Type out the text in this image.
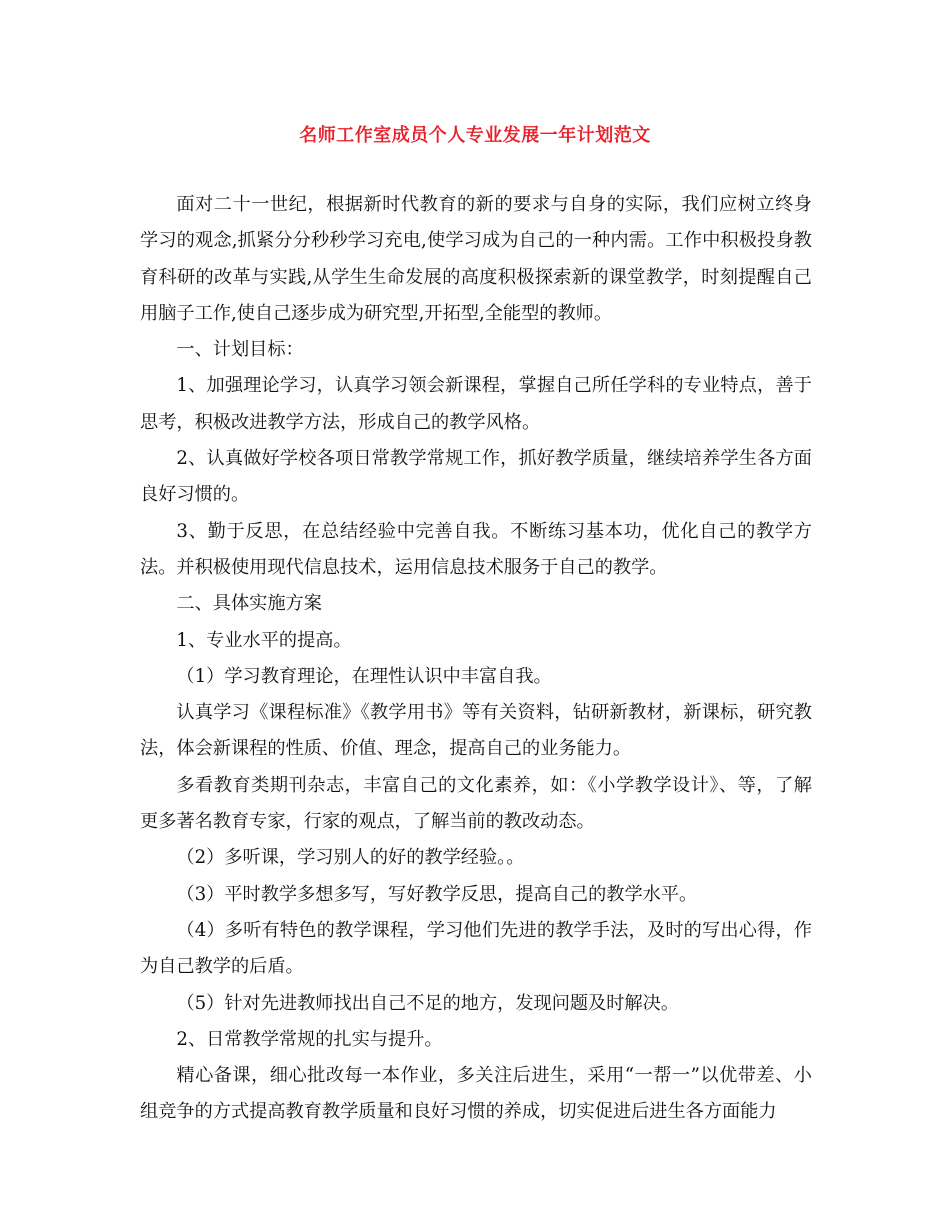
名师工作室成员个人专业发展一年计划范文

面对二十一世纪，根据新时代教育的新的要求与自身的实际，我们应树立终身学习的观念,抓紧分分秒秒学习充电,使学习成为自己的一种内需。工作中积极投身教育科研的改革与实践,从学生生命发展的高度积极探索新的课堂教学，时刻提醒自己用脑子工作,使自己逐步成为研究型,开拓型,全能型的教师。

一、计划目标：

1、加强理论学习，认真学习领会新课程，掌握自己所任学科的专业特点，善于思考，积极改进教学方法，形成自己的教学风格。

2、认真做好学校各项日常教学常规工作，抓好教学质量，继续培养学生各方面良好习惯的。

3、勤于反思，在总结经验中完善自我。不断练习基本功，优化自己的教学方法。并积极使用现代信息技术，运用信息技术服务于自己的教学。

二、具体实施方案

1、专业水平的提高。

（1）学习教育理论，在理性认识中丰富自我。

认真学习《课程标准》《教学用书》等有关资料，钻研新教材，新课标，研究教法，体会新课程的性质、价值、理念，提高自己的业务能力。

多看教育类期刊杂志，丰富自己的文化素养，如：《小学教学设计》、等，了解更多著名教育专家，行家的观点，了解当前的教改动态。

（2）多听课，学习别人的好的教学经验。。

（3）平时教学多想多写，写好教学反思，提高自己的教学水平。

（4）多听有特色的教学课程，学习他们先进的教学手法，及时的写出心得，作为自己教学的后盾。

（5）针对先进教师找出自己不足的地方，发现问题及时解决。

2、日常教学常规的扎实与提升。

精心备课，细心批改每一本作业，多关注后进生，采用“一帮一”以优带差、小组竞争的方式提高教育教学质量和良好习惯的养成，切实促进后进生各方面能力
